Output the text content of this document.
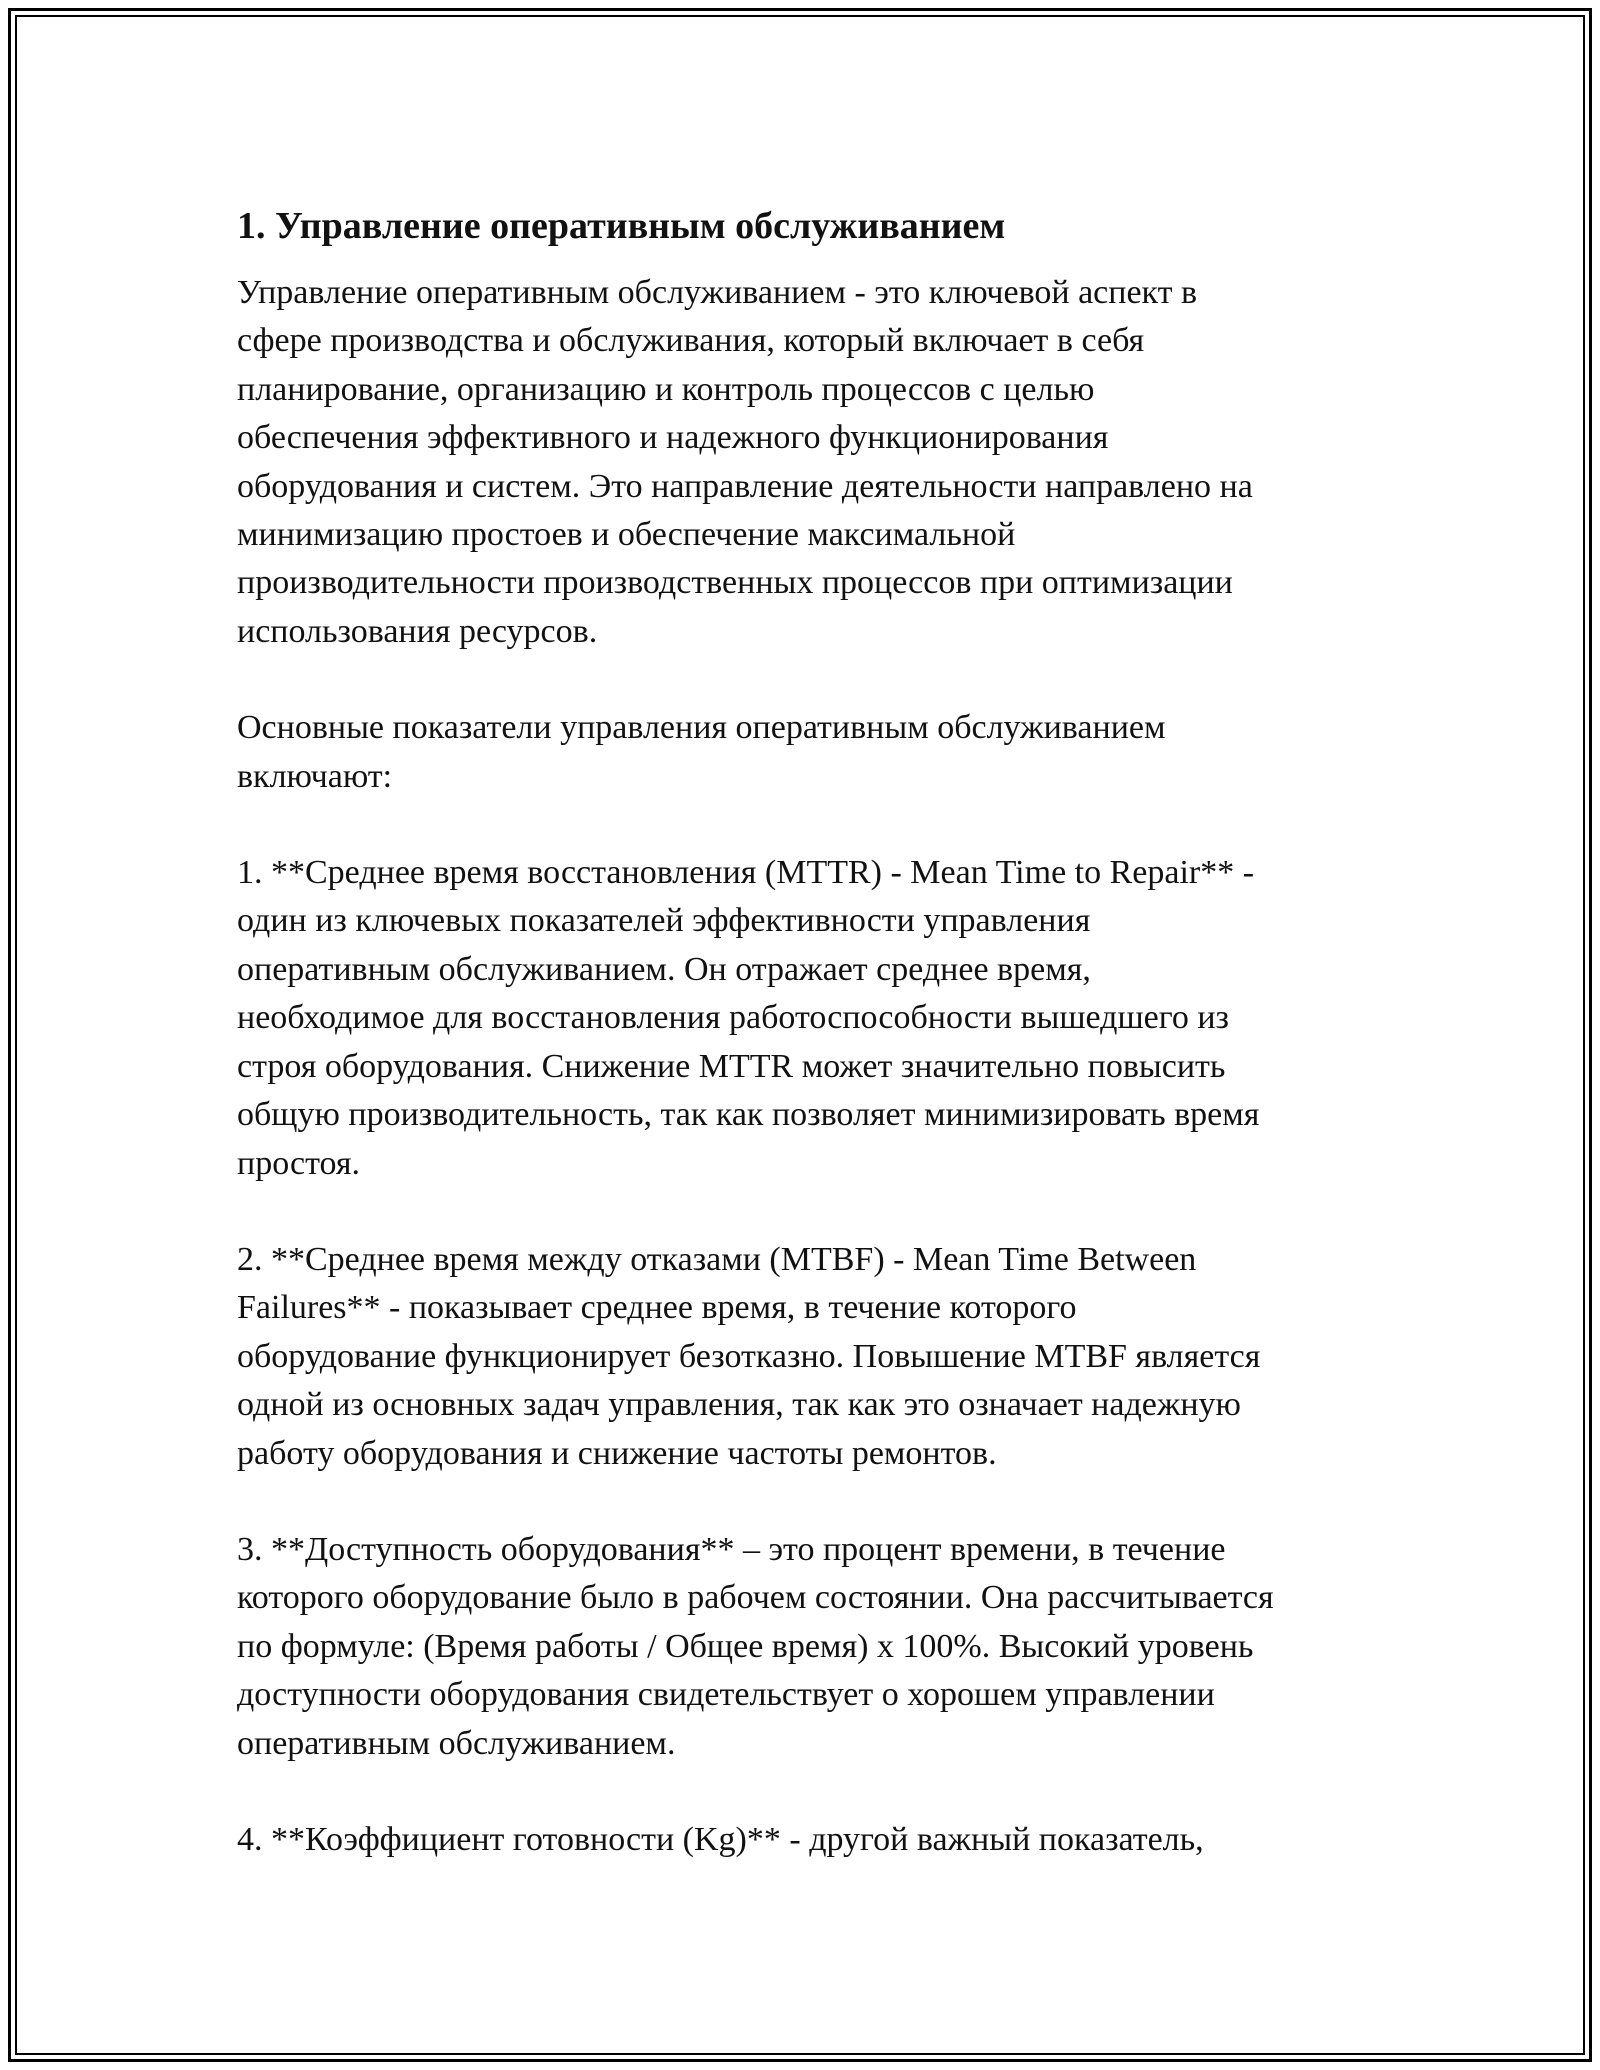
1. Управление оперативным обслуживанием

Управление оперативным обслуживанием - это ключевой аспект в
сфере производства и обслуживания, который включает в себя
планирование, организацию и контроль процессов с целью
обеспечения эффективного и надежного функционирования
оборудования и систем. Это направление деятельности направлено на
минимизацию простоев и обеспечение максимальной
производительности производственных процессов при оптимизации
использования ресурсов.

Основные показатели управления оперативным обслуживанием
включают:

1. **Среднее время восстановления (MTTR) - Mean Time to Repair** -
один из ключевых показателей эффективности управления
оперативным обслуживанием. Он отражает среднее время,
необходимое для восстановления работоспособности вышедшего из
строя оборудования. Снижение MTTR может значительно повысить
общую производительность, так как позволяет минимизировать время
простоя.

2. **Среднее время между отказами (MTBF) - Mean Time Between
Failures** - показывает среднее время, в течение которого
оборудование функционирует безотказно. Повышение MTBF является
одной из основных задач управления, так как это означает надежную
работу оборудования и снижение частоты ремонтов.

3. **Доступность оборудования** – это процент времени, в течение
которого оборудование было в рабочем состоянии. Она рассчитывается
по формуле: (Время работы / Общее время) x 100%. Высокий уровень
доступности оборудования свидетельствует о хорошем управлении
оперативным обслуживанием.

4. **Коэффициент готовности (Kg)** - другой важный показатель,
